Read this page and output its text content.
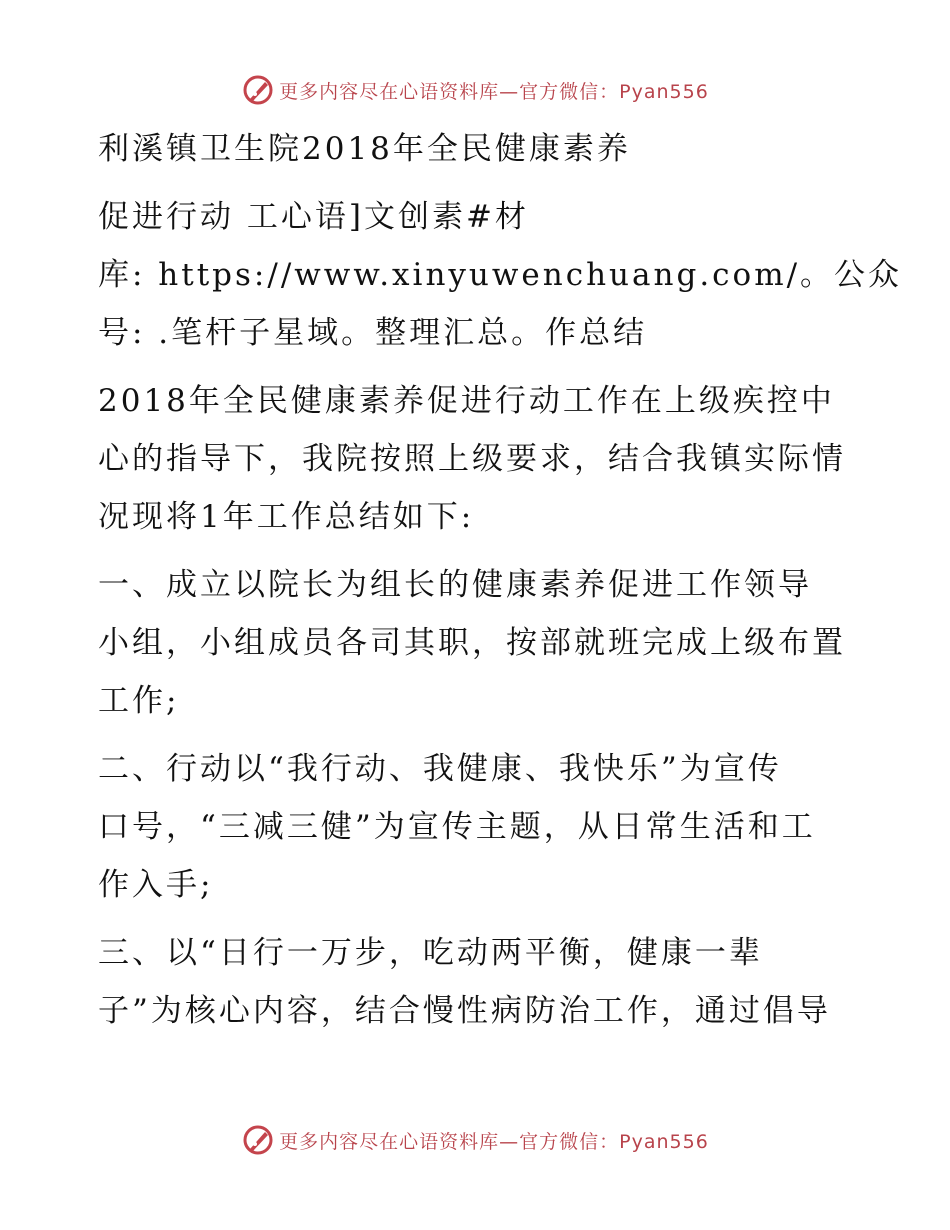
更多内容尽在心语资料库—官方微信：Pyan556
利溪镇卫生院2018年全民健康素养
促进行动 工心语]文创素#材
库: https://www.xinyuwenchuang.com/。公众
号: .笔杆子星域。整理汇总。作总结
2018年全民健康素养促进行动工作在上级疾控中
心的指导下，我院按照上级要求，结合我镇实际情
况现将1年工作总结如下:
一、成立以院长为组长的健康素养促进工作领导
小组，小组成员各司其职，按部就班完成上级布置
工作;
二、行动以“我行动、我健康、我快乐”为宣传
口号，“三减三健”为宣传主题，从日常生活和工
作入手;
三、以“日行一万步，吃动两平衡，健康一辈
子”为核心内容，结合慢性病防治工作，通过倡导
更多内容尽在心语资料库—官方微信：Pyan556
